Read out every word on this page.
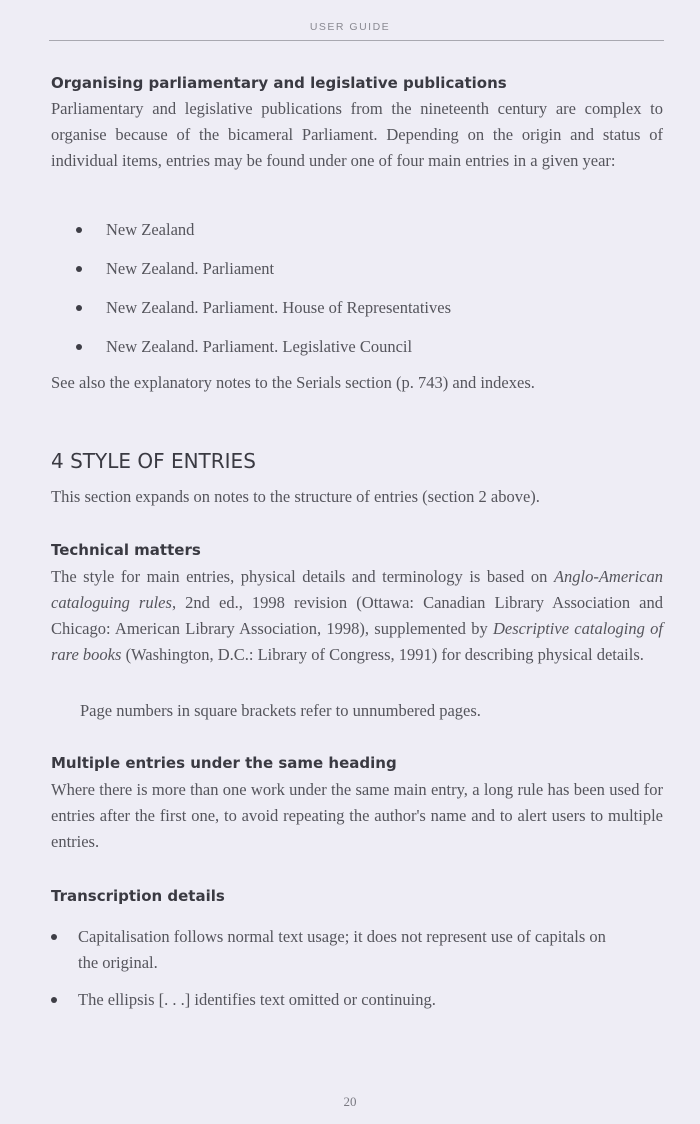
USER GUIDE
Organising parliamentary and legislative publications
Parliamentary and legislative publications from the nineteenth century are complex to organise because of the bicameral Parliament. Depending on the origin and status of individual items, entries may be found under one of four main entries in a given year:
New Zealand
New Zealand. Parliament
New Zealand. Parliament. House of Representatives
New Zealand. Parliament. Legislative Council
See also the explanatory notes to the Serials section (p. 743) and indexes.
4 STYLE OF ENTRIES
This section expands on notes to the structure of entries (section 2 above).
Technical matters
The style for main entries, physical details and terminology is based on Anglo-American cataloguing rules, 2nd ed., 1998 revision (Ottawa: Canadian Library Association and Chicago: American Library Association, 1998), supplemented by Descriptive cataloging of rare books (Washington, D.C.: Library of Congress, 1991) for describing physical details.
Page numbers in square brackets refer to unnumbered pages.
Multiple entries under the same heading
Where there is more than one work under the same main entry, a long rule has been used for entries after the first one, to avoid repeating the author's name and to alert users to multiple entries.
Transcription details
Capitalisation follows normal text usage; it does not represent use of capitals on the original.
The ellipsis [. . .] identifies text omitted or continuing.
20
